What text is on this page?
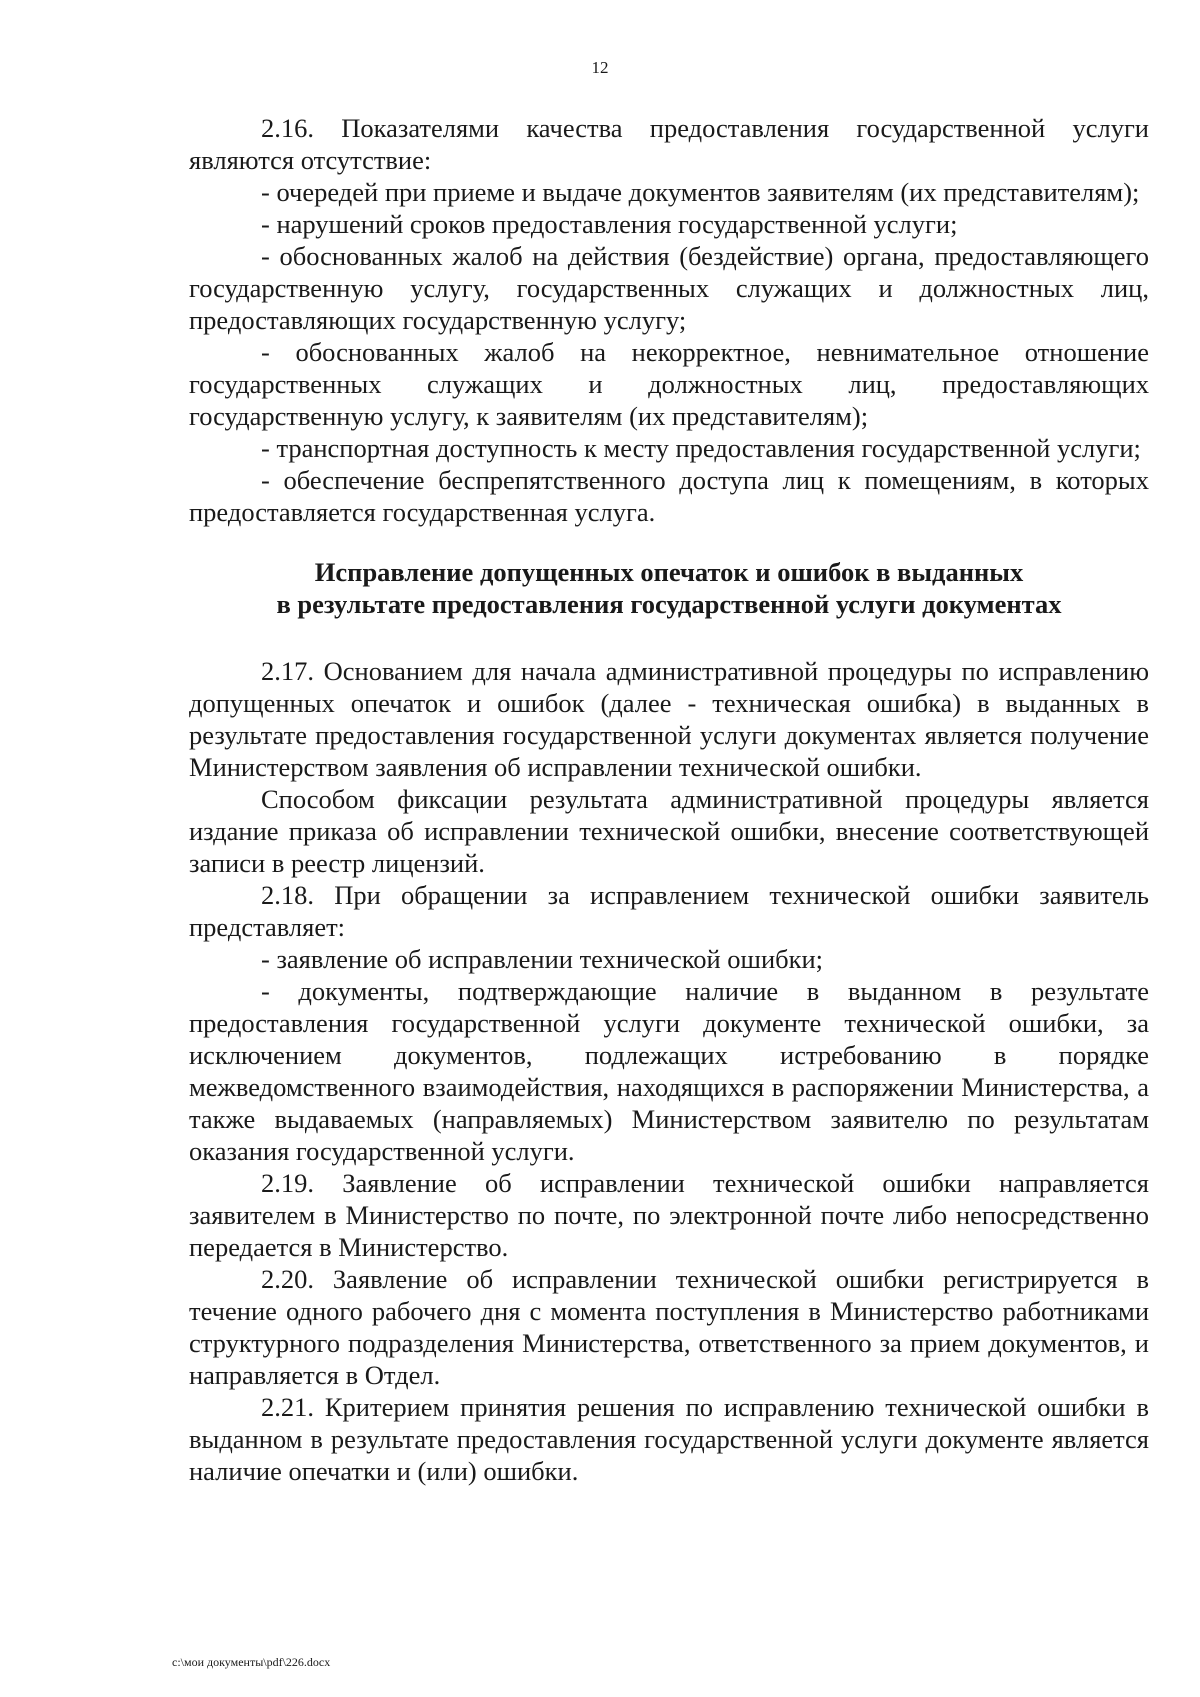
12

2.16. Показателями качества предоставления государственной услуги являются отсутствие:

- очередей при приеме и выдаче документов заявителям (их представителям);

- нарушений сроков предоставления государственной услуги;

- обоснованных жалоб на действия (бездействие) органа, предоставляющего государственную услугу, государственных служащих и должностных лиц, предоставляющих государственную услугу;

- обоснованных жалоб на некорректное, невнимательное отношение государственных служащих и должностных лиц, предоставляющих государственную услугу, к заявителям (их представителям);

- транспортная доступность к месту предоставления государственной услуги;

- обеспечение беспрепятственного доступа лиц к помещениям, в которых предоставляется государственная услуга.

Исправление допущенных опечаток и ошибок в выданных
в результате предоставления государственной услуги документах

2.17. Основанием для начала административной процедуры по исправлению допущенных опечаток и ошибок (далее - техническая ошибка) в выданных в результате предоставления государственной услуги документах является получение Министерством заявления об исправлении технической ошибки.

Способом фиксации результата административной процедуры является издание приказа об исправлении технической ошибки, внесение соответствующей записи в реестр лицензий.

2.18. При обращении за исправлением технической ошибки заявитель представляет:

- заявление об исправлении технической ошибки;

- документы, подтверждающие наличие в выданном в результате предоставления государственной услуги документе технической ошибки, за исключением документов, подлежащих истребованию в порядке межведомственного взаимодействия, находящихся в распоряжении Министерства, а также выдаваемых (направляемых) Министерством заявителю по результатам оказания государственной услуги.

2.19. Заявление об исправлении технической ошибки направляется заявителем в Министерство по почте, по электронной почте либо непосредственно передается в Министерство.

2.20. Заявление об исправлении технической ошибки регистрируется в течение одного рабочего дня с момента поступления в Министерство работниками структурного подразделения Министерства, ответственного за прием документов, и направляется в Отдел.

2.21. Критерием принятия решения по исправлению технической ошибки в выданном в результате предоставления государственной услуги документе является наличие опечатки и (или) ошибки.

c:\мои документы\pdf\226.docx
